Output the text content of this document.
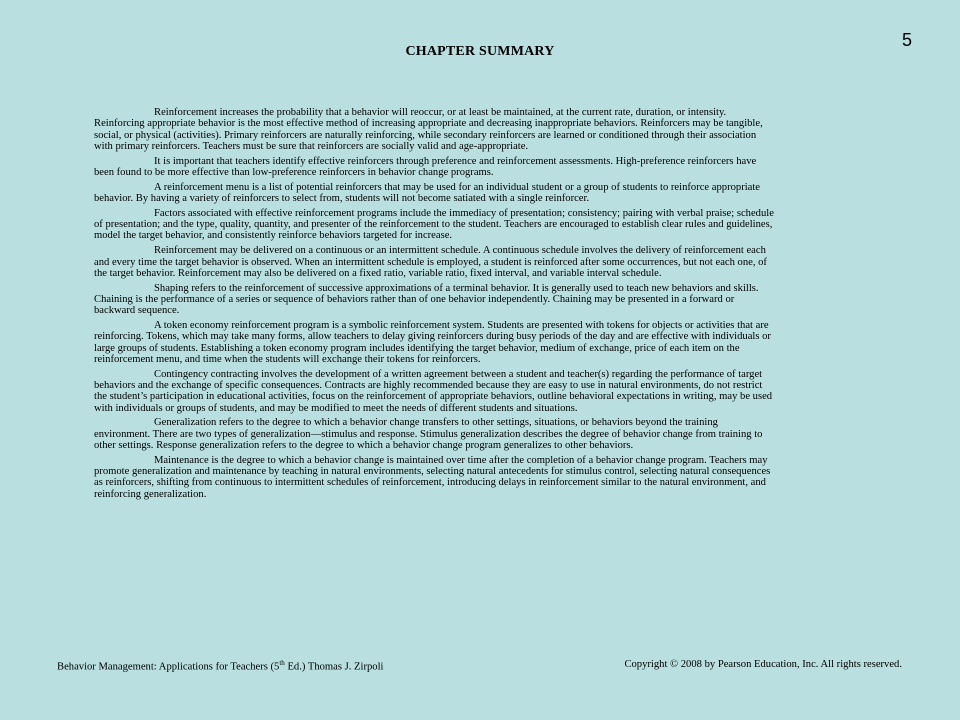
5
CHAPTER SUMMARY

Reinforcement increases the probability that a behavior will reoccur, or at least be maintained, at the current rate, duration, or intensity. Reinforcing appropriate behavior is the most effective method of increasing appropriate and decreasing inappropriate behaviors. Reinforcers may be tangible, social, or physical (activities). Primary reinforcers are naturally reinforcing, while secondary reinforcers are learned or conditioned through their association with primary reinforcers. Teachers must be sure that reinforcers are socially valid and age-appropriate.

It is important that teachers identify effective reinforcers through preference and reinforcement assessments. High-preference reinforcers have been found to be more effective than low-preference reinforcers in behavior change programs.

A reinforcement menu is a list of potential reinforcers that may be used for an individual student or a group of students to reinforce appropriate behavior. By having a variety of reinforcers to select from, students will not become satiated with a single reinforcer.

Factors associated with effective reinforcement programs include the immediacy of presentation; consistency; pairing with verbal praise; schedule of presentation; and the type, quality, quantity, and presenter of the reinforcement to the student. Teachers are encouraged to establish clear rules and guidelines, model the target behavior, and consistently reinforce behaviors targeted for increase.

Reinforcement may be delivered on a continuous or an intermittent schedule. A continuous schedule involves the delivery of reinforcement each and every time the target behavior is observed. When an intermittent schedule is employed, a student is reinforced after some occurrences, but not each one, of the target behavior. Reinforcement may also be delivered on a fixed ratio, variable ratio, fixed interval, and variable interval schedule.

Shaping refers to the reinforcement of successive approximations of a terminal behavior. It is generally used to teach new behaviors and skills. Chaining is the performance of a series or sequence of behaviors rather than of one behavior independently. Chaining may be presented in a forward or backward sequence.

A token economy reinforcement program is a symbolic reinforcement system. Students are presented with tokens for objects or activities that are reinforcing. Tokens, which may take many forms, allow teachers to delay giving reinforcers during busy periods of the day and are effective with individuals or large groups of students. Establishing a token economy program includes identifying the target behavior, medium of exchange, price of each item on the reinforcement menu, and time when the students will exchange their tokens for reinforcers.

Contingency contracting involves the development of a written agreement between a student and teacher(s) regarding the performance of target behaviors and the exchange of specific consequences. Contracts are highly recommended because they are easy to use in natural environments, do not restrict the student’s participation in educational activities, focus on the reinforcement of appropriate behaviors, outline behavioral expectations in writing, may be used with individuals or groups of students, and may be modified to meet the needs of different students and situations.

Generalization refers to the degree to which a behavior change transfers to other settings, situations, or behaviors beyond the training environment. There are two types of generalization—stimulus and response. Stimulus generalization describes the degree of behavior change from training to other settings. Response generalization refers to the degree to which a behavior change program generalizes to other behaviors.

Maintenance is the degree to which a behavior change is maintained over time after the completion of a behavior change program. Teachers may promote generalization and maintenance by teaching in natural environments, selecting natural antecedents for stimulus control, selecting natural consequences as reinforcers, shifting from continuous to intermittent schedules of reinforcement, introducing delays in reinforcement similar to the natural environment, and reinforcing generalization.

Behavior Management: Applications for Teachers (5th Ed.) Thomas J. Zirpoli	Copyright © 2008 by Pearson Education, Inc. All rights reserved.
